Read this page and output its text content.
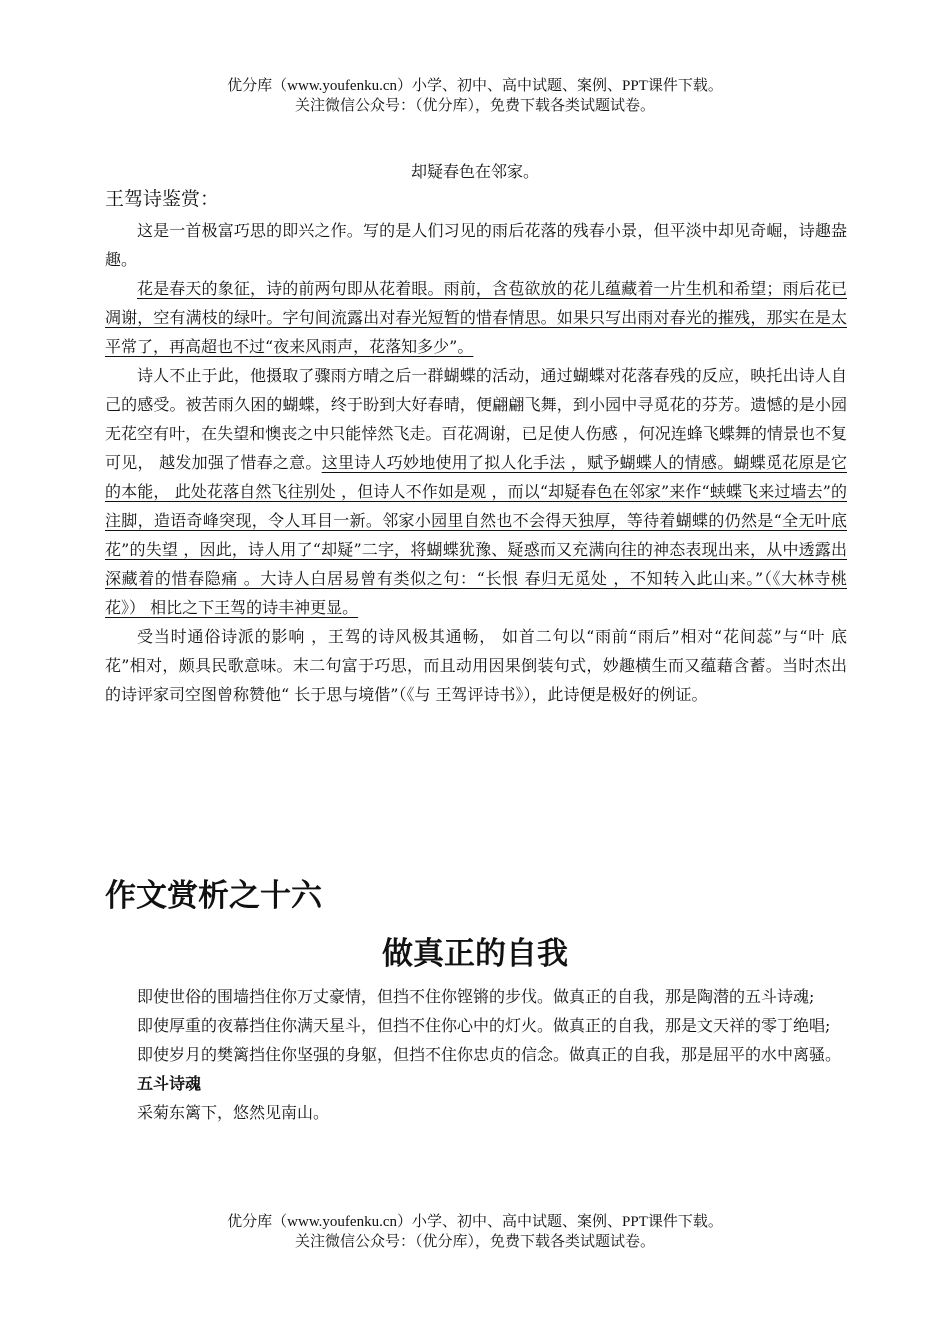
优分库（www.youfenku.cn）小学、初中、高中试题、案例、PPT课件下载。
关注微信公众号：（优分库），免费下载各类试题试卷。
却疑春色在邻家。

王驾诗鉴赏：

这是一首极富巧思的即兴之作。写的是人们习见的雨后花落的残春小景，但平淡中却见奇崛，诗趣盎趣。

花是春天的象征，诗的前两句即从花着眼。雨前，含苞欲放的花儿蕴藏着一片生机和希望；雨后花已凋谢，空有满枝的绿叶。字句间流露出对春光短暂的惜春情思。如果只写出雨对春光的摧残，那实在是太平常了，再高超也不过“夜来风雨声，花落知多少”。

诗人不止于此，他摄取了骤雨方晴之后一群蝴蝶的活动，通过蝴蝶对花落春残的反应，映托出诗人自己的感受。被苦雨久困的蝴蝶，终于盼到大好春晴，便翩翩飞舞，到小园中寻觅花的芬芳。遗憾的是小园无花空有叶，在失望和懊丧之中只能悻然飞走。百花凋谢，已足使人伤感 ，何况连蜂飞蝶舞的情景也不复可见， 越发加强了惜春之意。这里诗人巧妙地使用了拟人化手法 ，赋予蝴蝶人的情感。蝴蝶觅花原是它的本能， 此处花落自然飞往别处 ，但诗人不作如是观 ，而以“却疑春色在邻家”来作“蛱蝶飞来过墙去”的注脚，造语奇峰突现，令人耳目一新。邻家小园里自然也不会得天独厚，等待着蝴蝶的仍然是“全无叶底花”的失望 ，因此，诗人用了“却疑”二字，将蝴蝶犹豫、疑惑而又充满向往的神态表现出来，从中透露出深藏着的惜春隐痛 。大诗人白居易曾有类似之句：“长恨 春归无觅处 ，不知转入此山来。”（《大林寺桃花》） 相比之下王驾的诗丰神更显。

受当时通俗诗派的影响 ，王驾的诗风极其通畅， 如首二句以“雨前“雨后”相对“花间蕊”与“叶 底花”相对，颇具民歌意味。末二句富于巧思，而且动用因果倒装句式，妙趣横生而又蕴藉含蓄。当时杰出的诗评家司空图曾称赞他“ 长于思与境偕”（《与 王驾评诗书》），此诗便是极好的例证。

作文赏析之十六
做真正的自我

即使世俗的围墙挡住你万丈豪情，但挡不住你铿锵的步伐。做真正的自我，那是陶潜的五斗诗魂;

即使厚重的夜幕挡住你满天星斗，但挡不住你心中的灯火。做真正的自我，那是文天祥的零丁绝唱;

即使岁月的樊篱挡住你坚强的身躯，但挡不住你忠贞的信念。做真正的自我，那是屈平的水中离骚。

五斗诗魂

采菊东篱下，悠然见南山。

优分库（www.youfenku.cn）小学、初中、高中试题、案例、PPT课件下载。
关注微信公众号：（优分库），免费下载各类试题试卷。
